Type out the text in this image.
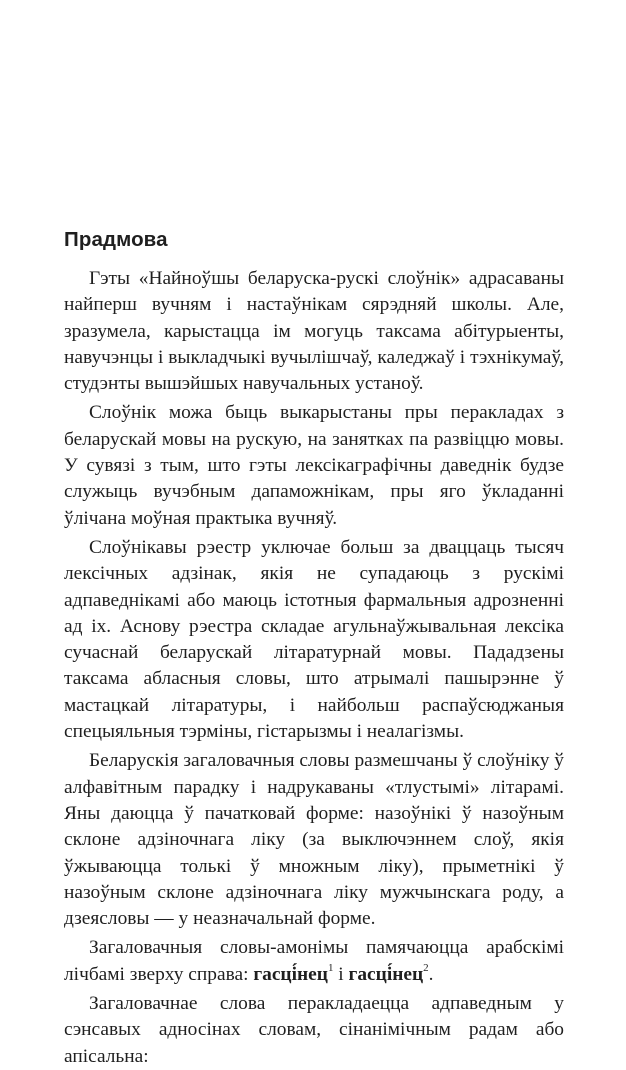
Прадмова

Гэты «Найноўшы беларуска-рускі слоўнік» адрасаваны найперш вучням і настаўнікам сярэдняй школы. Але, зразумела, карыстацца ім могуць таксама абітурыенты, навучэнцы і выкладчыкі вучылішчаў, каледжаў і тэхнікумаў, студэнты вышэйшых навучальных устаноў.

Слоўнік можа быць выкарыстаны пры перакладах з беларускай мовы на рускую, на занятках па развіццю мовы. У сувязі з тым, што гэты лексікаграфічны даведнік будзе служыць вучэбным дапаможнікам, пры яго ўкладанні ўлічана моўная практыка вучняў.

Слоўнікавы рэестр уключае больш за дваццаць тысяч лексічных адзінак, якія не супадаюць з рускімі адпаведнікамі або маюць істотныя фармальныя адрозненні ад іх. Аснову рэестра складае агульнаўжывальная лексіка сучаснай беларускай літаратурнай мовы. Пададзены таксама абласныя словы, што атрымалі пашырэнне ў мастацкай літаратуры, і найбольш распаўсюджаныя спецыяльныя тэрміны, гістарызмы і неалагізмы.

Беларускія загаловачныя словы размешчаны ў слоўніку ў алфавітным парадку і надрукаваны «тлустымі» літарамі. Яны даюцца ў пачатковай форме: назоўнікі ў назоўным склоне адзіночнага ліку (за выключэннем слоў, якія ўжываюцца толькі ў множным ліку), прыметнікі ў назоўным склоне адзіночнага ліку мужчынскага роду, а дзеясловы — у неазначальнай форме.

Загаловачныя словы-амонімы памячаюцца арабскімі лічбамі зверху справа: гасці́нец$^1$ і гасці́нец$^2$.

Загаловачнае слова перакладаецца адпаведным у сэнсавых адносінах словам, сінанімічным радам або апісальна:
